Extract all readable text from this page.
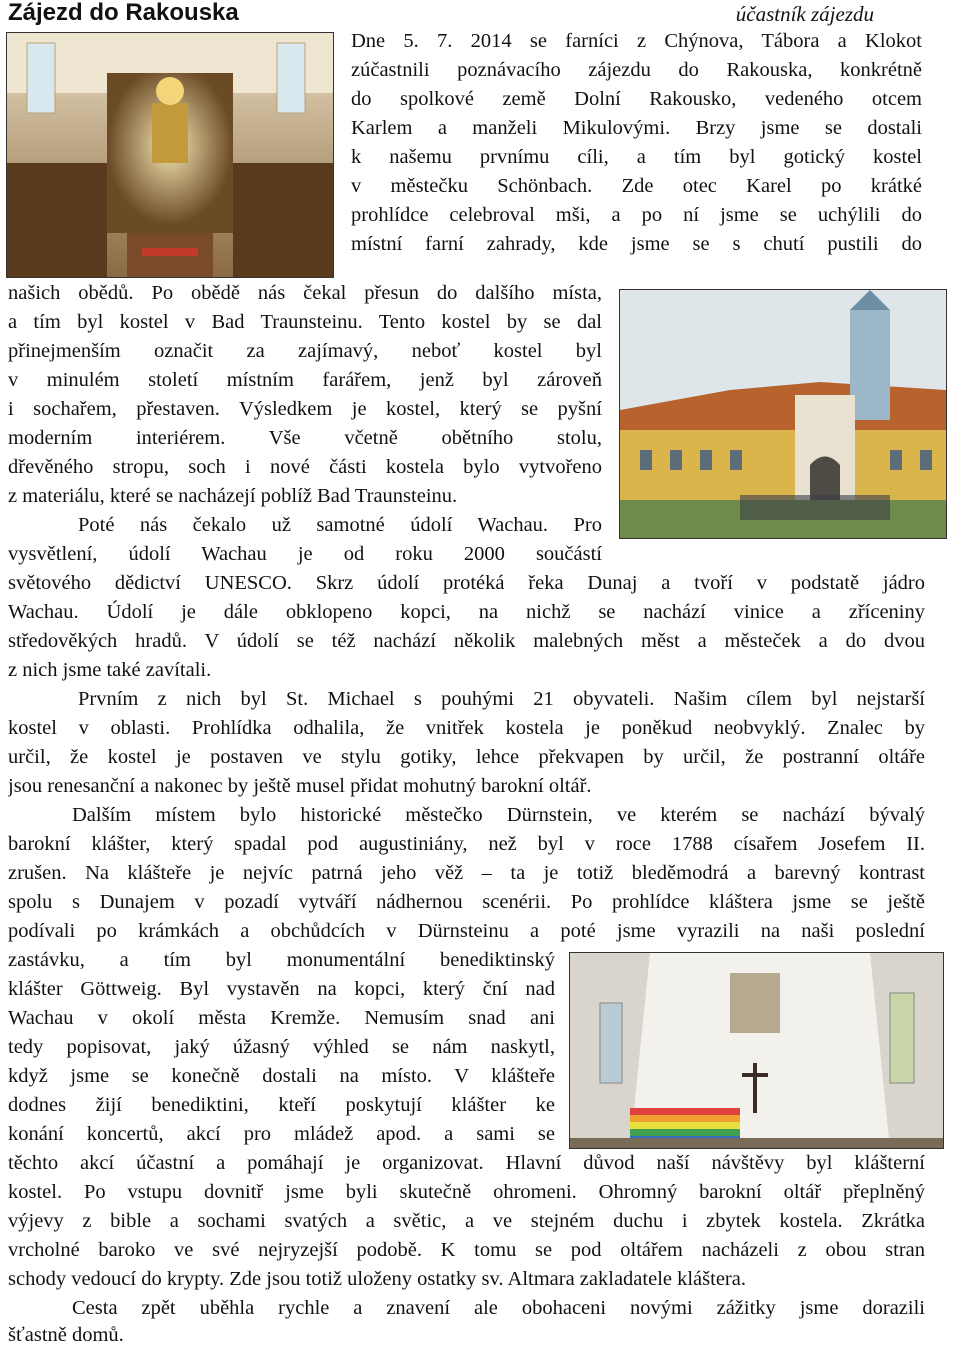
Zájezd do Rakouska	účastník zájezdu
Dne 5. 7. 2014 se farníci z Chýnova, Tábora a Klokot
zúčastnili poznávacího zájezdu do Rakouska, konkrétně
do spolkové země Dolní Rakousko, vedeného otcem
Karlem a manželi Mikulovými. Brzy jsme se dostali
k našemu prvnímu cíli, a tím byl gotický kostel
v městečku Schönbach. Zde otec Karel po krátké
prohlídce celebroval mši, a po ní jsme se uchýlili do
místní farní zahrady, kde jsme se s chutí pustili do
našich obědů. Po obědě nás čekal přesun do dalšího místa,
a tím byl kostel v Bad Traunsteinu. Tento kostel by se dal
přinejmenším označit za zajímavý, neboť kostel byl
v minulém století místním farářem, jenž byl zároveň
i sochařem, přestaven. Výsledkem je kostel, který se pyšní
moderním interiérem. Vše včetně obětního stolu,
dřevěného stropu, soch i nové části kostela bylo vytvořeno
z materiálu, které se nacházejí poblíž Bad Traunsteinu.
Poté nás čekalo už samotné údolí Wachau. Pro
vysvětlení, údolí Wachau je od roku 2000 součástí
světového dědictví UNESCO. Skrz údolí protéká řeka Dunaj a tvoří v podstatě jádro
Wachau. Údolí je dále obklopeno kopci, na nichž se nachází vinice a zříceniny
středověkých hradů. V údolí se též nachází několik malebných měst a městeček a do dvou
z nich jsme také zavítali.
Prvním z nich byl St. Michael s pouhými 21 obyvateli. Našim cílem byl nejstarší
kostel v oblasti. Prohlídka odhalila, že vnitřek kostela je poněkud neobvyklý. Znalec by
určil, že kostel je postaven ve stylu gotiky, lehce překvapen by určil, že postranní oltáře
jsou renesanční a nakonec by ještě musel přidat mohutný barokní oltář.
Dalším místem bylo historické městečko Dürnstein, ve kterém se nachází bývalý
barokní klášter, který spadal pod augustiniány, než byl v roce 1788 císařem Josefem II.
zrušen. Na klášteře je nejvíc patrná jeho věž – ta je totiž bleděmodrá a barevný kontrast
spolu s Dunajem v pozadí vytváří nádhernou scenérii. Po prohlídce kláštera jsme se ještě
podívali po krámkách a obchůdcích v Dürnsteinu a poté jsme vyrazili na naši poslední
zastávku, a tím byl monumentální benediktinský
klášter Göttweig. Byl vystavěn na kopci, který ční nad
Wachau v okolí města Kremže. Nemusím snad ani
tedy popisovat, jaký úžasný výhled se nám naskytl,
když jsme se konečně dostali na místo. V klášteře
dodnes žijí benediktini, kteří poskytují klášter ke
konání koncertů, akcí pro mládež apod. a sami se
těchto akcí účastní a pomáhají je organizovat. Hlavní důvod naší návštěvy byl klášterní
kostel. Po vstupu dovnitř jsme byli skutečně ohromeni. Ohromný barokní oltář přeplněný
výjevy z bible a sochami svatých a světic, a ve stejném duchu i zbytek kostela. Zkrátka
vrcholné baroko ve své nejryzejší podobě. K tomu se pod oltářem nacházeli z obou stran
schody vedoucí do krypty. Zde jsou totiž uloženy ostatky sv. Altmara zakladatele kláštera.
Cesta zpět uběhla rychle a znavení ale obohaceni novými zážitky jsme dorazili
šťastně domů.
